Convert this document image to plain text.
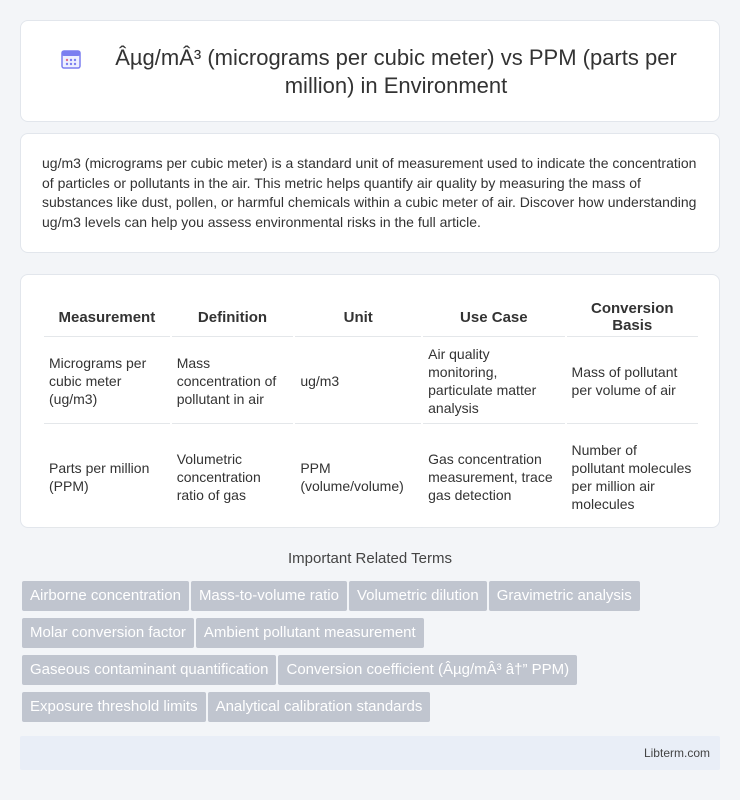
Âµg/mÂ³ (micrograms per cubic meter) vs PPM (parts per million) in Environment

ug/m3 (micrograms per cubic meter) is a standard unit of measurement used to indicate the concentration of particles or pollutants in the air. This metric helps quantify air quality by measuring the mass of substances like dust, pollen, or harmful chemicals within a cubic meter of air. Discover how understanding ug/m3 levels can help you assess environmental risks in the full article.

Measurement	Definition	Unit	Use Case	Conversion Basis
Micrograms per cubic meter (ug/m3)	Mass concentration of pollutant in air	ug/m3	Air quality monitoring, particulate matter analysis	Mass of pollutant per volume of air
Parts per million (PPM)	Volumetric concentration ratio of gas	PPM (volume/volume)	Gas concentration measurement, trace gas detection	Number of pollutant molecules per million air molecules
Important Related Terms
Airborne concentration Mass-to-volume ratio Volumetric dilution Gravimetric analysis
Molar conversion factor Ambient pollutant measurement
Gaseous contaminant quantification Conversion coefficient (Âµg/mÂ³ â†” PPM)
Exposure threshold limits Analytical calibration standards
Libterm.com
